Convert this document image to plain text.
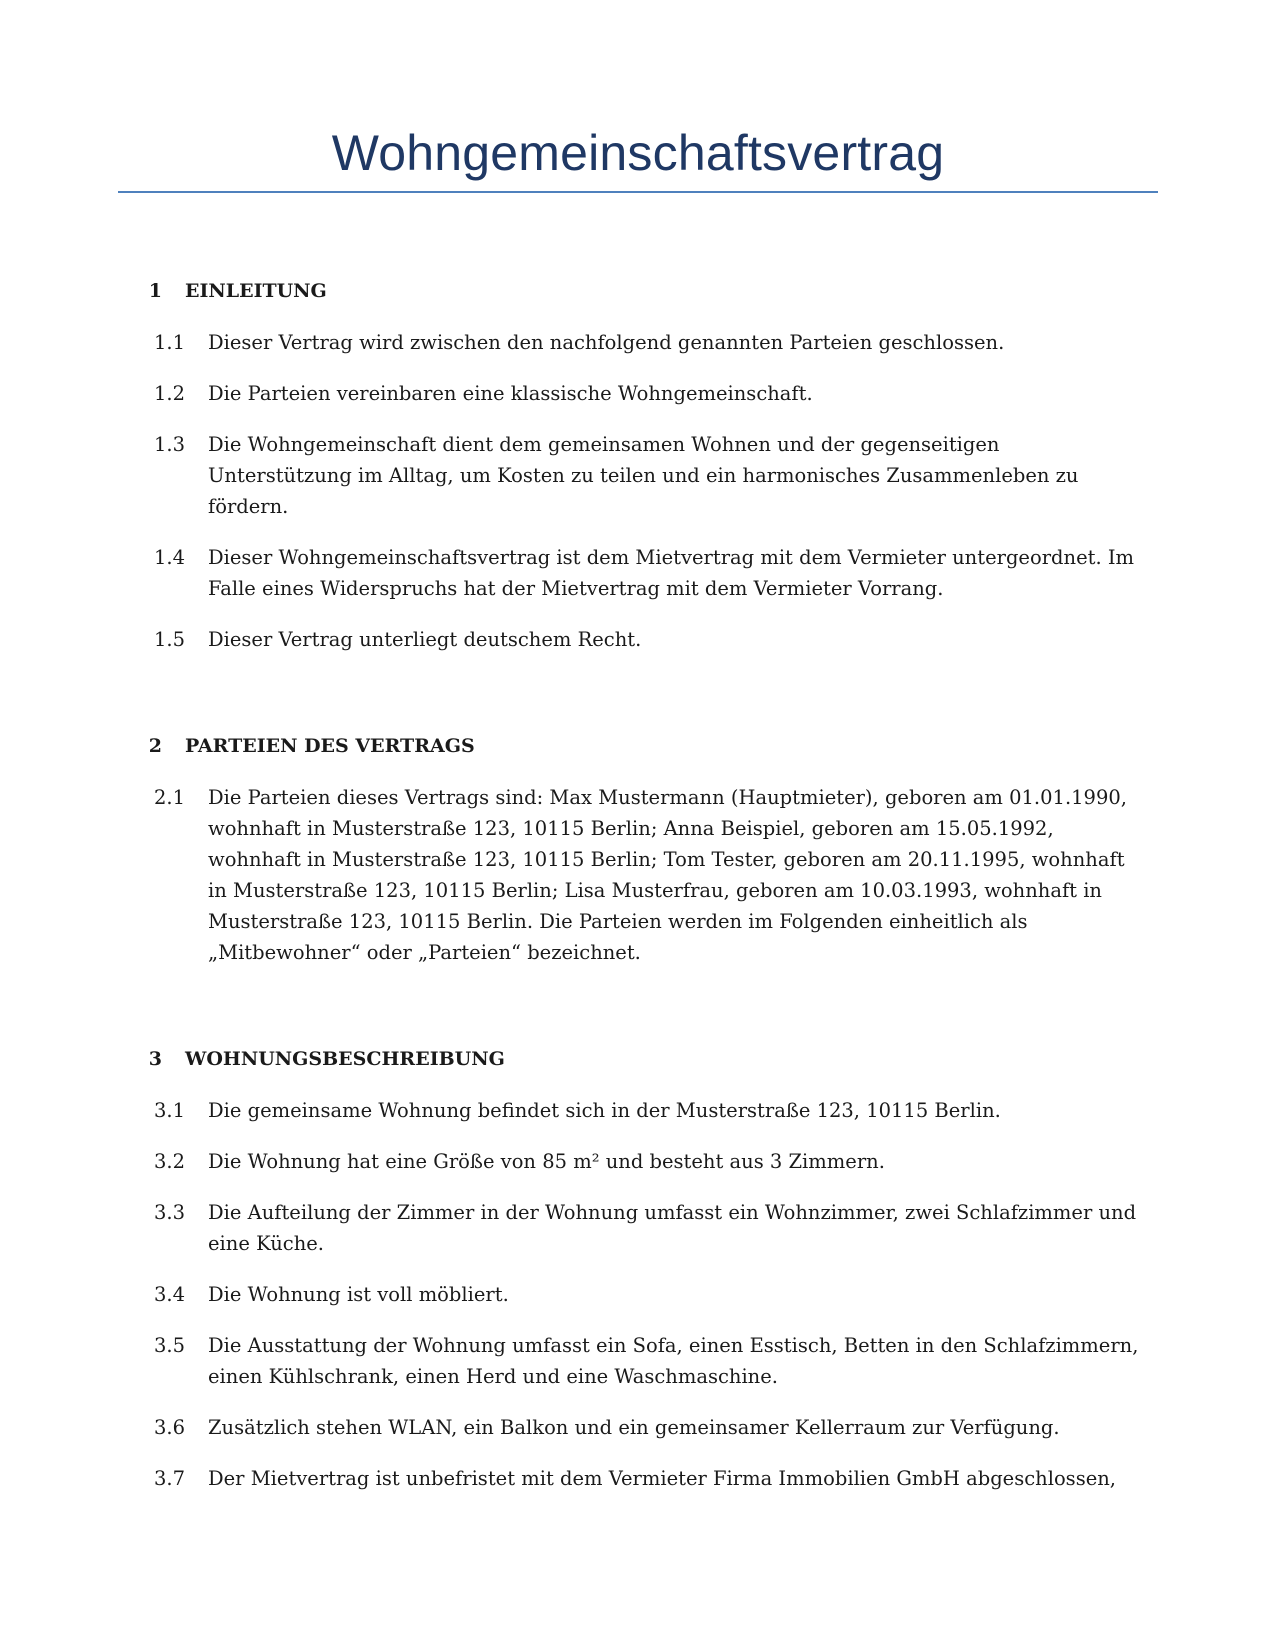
Wohngemeinschaftsvertrag
1	EINLEITUNG
1.1	Dieser Vertrag wird zwischen den nachfolgend genannten Parteien geschlossen.
1.2	Die Parteien vereinbaren eine klassische Wohngemeinschaft.
1.3	Die Wohngemeinschaft dient dem gemeinsamen Wohnen und der gegenseitigen Unterstützung im Alltag, um Kosten zu teilen und ein harmonisches Zusammenleben zu fördern.
1.4	Dieser Wohngemeinschaftsvertrag ist dem Mietvertrag mit dem Vermieter untergeordnet. Im Falle eines Widerspruchs hat der Mietvertrag mit dem Vermieter Vorrang.
1.5	Dieser Vertrag unterliegt deutschem Recht.
2	PARTEIEN DES VERTRAGS
2.1	Die Parteien dieses Vertrags sind: Max Mustermann (Hauptmieter), geboren am 01.01.1990, wohnhaft in Musterstraße 123, 10115 Berlin; Anna Beispiel, geboren am 15.05.1992, wohnhaft in Musterstraße 123, 10115 Berlin; Tom Tester, geboren am 20.11.1995, wohnhaft in Musterstraße 123, 10115 Berlin; Lisa Musterfrau, geboren am 10.03.1993, wohnhaft in Musterstraße 123, 10115 Berlin. Die Parteien werden im Folgenden einheitlich als „Mitbewohner“ oder „Parteien“ bezeichnet.
3	WOHNUNGSBESCHREIBUNG
3.1	Die gemeinsame Wohnung befindet sich in der Musterstraße 123, 10115 Berlin.
3.2	Die Wohnung hat eine Größe von 85 m² und besteht aus 3 Zimmern.
3.3	Die Aufteilung der Zimmer in der Wohnung umfasst ein Wohnzimmer, zwei Schlafzimmer und eine Küche.
3.4	Die Wohnung ist voll möbliert.
3.5	Die Ausstattung der Wohnung umfasst ein Sofa, einen Esstisch, Betten in den Schlafzimmern, einen Kühlschrank, einen Herd und eine Waschmaschine.
3.6	Zusätzlich stehen WLAN, ein Balkon und ein gemeinsamer Kellerraum zur Verfügung.
3.7	Der Mietvertrag ist unbefristet mit dem Vermieter Firma Immobilien GmbH abgeschlossen,
